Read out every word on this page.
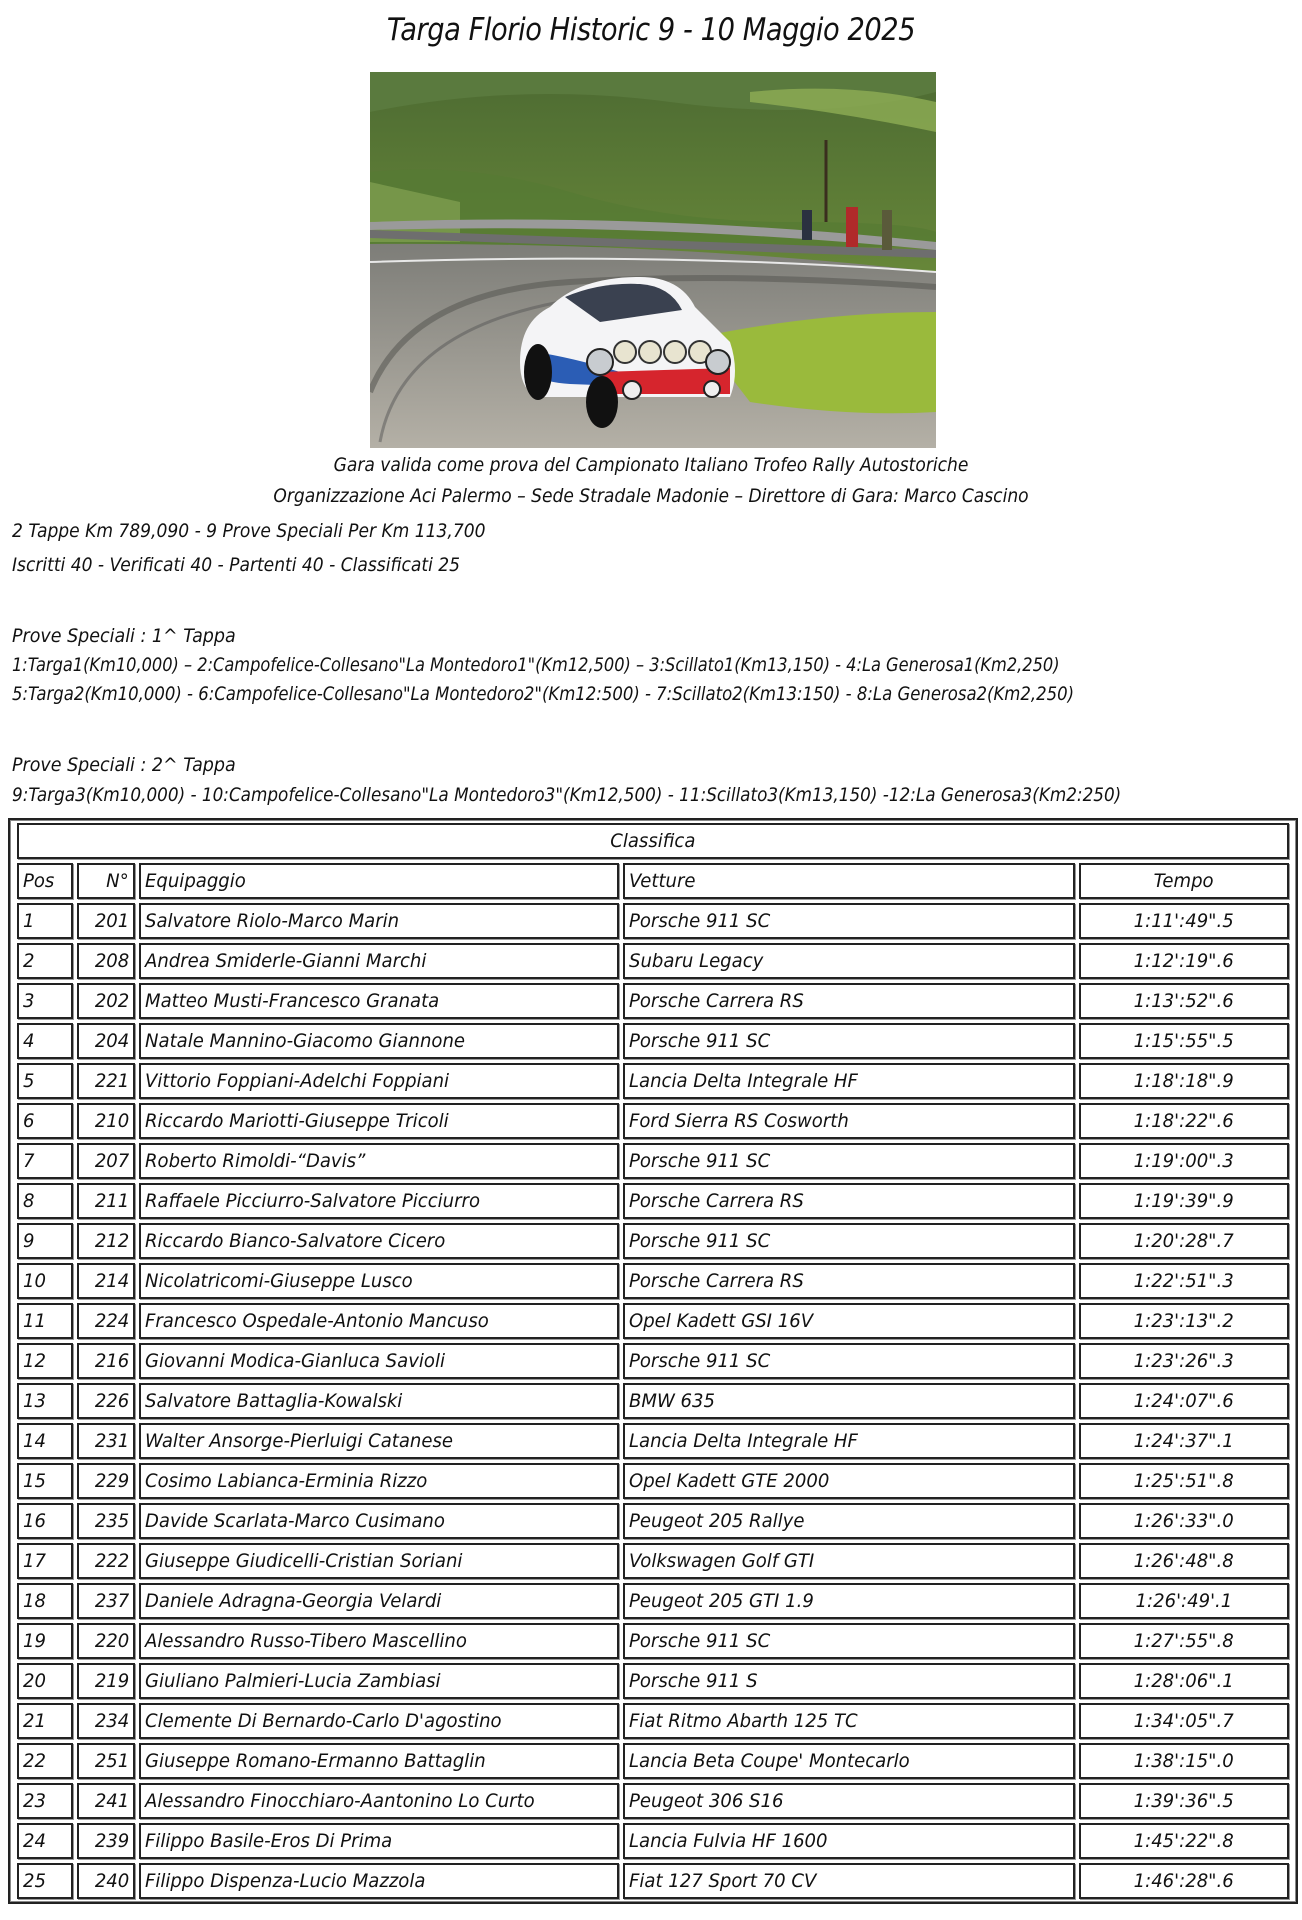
Targa Florio Historic 9 - 10 Maggio 2025
Gara valida come prova del Campionato Italiano Trofeo Rally Autostoriche
Organizzazione Aci Palermo – Sede Stradale Madonie – Direttore di Gara: Marco Cascino
2 Tappe Km 789,090 - 9 Prove Speciali Per Km 113,700
Iscritti 40 - Verificati 40 - Partenti 40 - Classificati 25
Prove Speciali : 1^ Tappa
1:Targa1(Km10,000) – 2:Campofelice-Collesano"La Montedoro1"(Km12,500) – 3:Scillato1(Km13,150) - 4:La Generosa1(Km2,250)
5:Targa2(Km10,000) - 6:Campofelice-Collesano"La Montedoro2"(Km12:500) - 7:Scillato2(Km13:150) - 8:La Generosa2(Km2,250)
Prove Speciali : 2^ Tappa
9:Targa3(Km10,000) - 10:Campofelice-Collesano"La Montedoro3"(Km12,500) - 11:Scillato3(Km13,150) -12:La Generosa3(Km2:250)
Classifica				
Pos	N°	Equipaggio	Vetture	Tempo
1	201	Salvatore Riolo-Marco Marin	Porsche 911 SC	1:11':49".5
2	208	Andrea Smiderle-Gianni Marchi	Subaru Legacy	1:12':19".6
3	202	Matteo Musti-Francesco Granata	Porsche Carrera RS	1:13':52".6
4	204	Natale Mannino-Giacomo Giannone	Porsche 911 SC	1:15':55".5
5	221	Vittorio Foppiani-Adelchi Foppiani	Lancia Delta Integrale HF	1:18':18".9
6	210	Riccardo Mariotti-Giuseppe Tricoli	Ford Sierra RS Cosworth	1:18':22".6
7	207	Roberto Rimoldi-“Davis”	Porsche 911 SC	1:19':00".3
8	211	Raffaele Picciurro-Salvatore Picciurro	Porsche Carrera RS	1:19':39".9
9	212	Riccardo Bianco-Salvatore Cicero	Porsche 911 SC	1:20':28".7
10	214	Nicolatricomi-Giuseppe Lusco	Porsche Carrera RS	1:22':51".3
11	224	Francesco Ospedale-Antonio Mancuso	Opel Kadett GSI 16V	1:23':13".2
12	216	Giovanni Modica-Gianluca Savioli	Porsche 911 SC	1:23':26".3
13	226	Salvatore Battaglia-Kowalski	BMW 635	1:24':07".6
14	231	Walter Ansorge-Pierluigi Catanese	Lancia Delta Integrale HF	1:24':37".1
15	229	Cosimo Labianca-Erminia Rizzo	Opel Kadett GTE 2000	1:25':51".8
16	235	Davide Scarlata-Marco Cusimano	Peugeot 205 Rallye	1:26':33".0
17	222	Giuseppe Giudicelli-Cristian Soriani	Volkswagen Golf GTI	1:26':48".8
18	237	Daniele Adragna-Georgia Velardi	Peugeot 205 GTI 1.9	1:26':49'.1
19	220	Alessandro Russo-Tibero Mascellino	Porsche 911 SC	1:27':55".8
20	219	Giuliano Palmieri-Lucia Zambiasi	Porsche 911 S	1:28':06".1
21	234	Clemente Di Bernardo-Carlo D'agostino	Fiat Ritmo Abarth 125 TC	1:34':05".7
22	251	Giuseppe Romano-Ermanno Battaglin	Lancia Beta Coupe' Montecarlo	1:38':15".0
23	241	Alessandro Finocchiaro-Aantonino Lo Curto	Peugeot 306 S16	1:39':36".5
24	239	Filippo Basile-Eros Di Prima	Lancia Fulvia HF 1600	1:45':22".8
25	240	Filippo Dispenza-Lucio Mazzola	Fiat 127 Sport 70 CV	1:46':28".6
